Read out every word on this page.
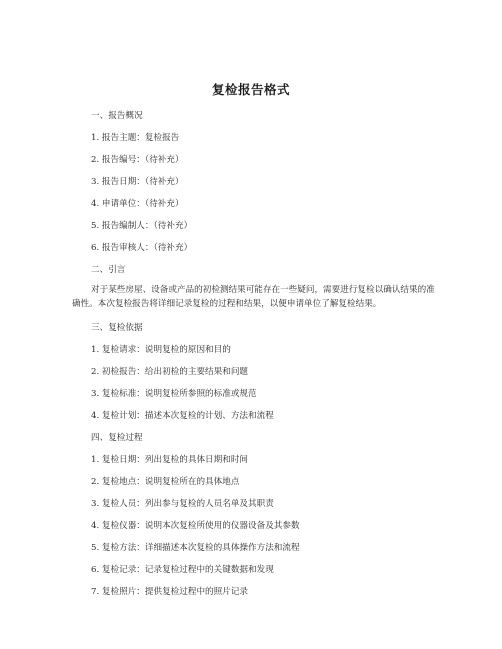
复检报告格式
一、报告概况
1. 报告主题：复检报告
2. 报告编号：（待补充）
3. 报告日期：（待补充）
4. 申请单位：（待补充）
5. 报告编制人：（待补充）
6. 报告审核人：（待补充）
二、引言
对于某些房屋、设备或产品的初检测结果可能存在一些疑问，需要进行复检以确认结果的准确性。本次复检报告将详细记录复检的过程和结果，以便申请单位了解复检结果。
三、复检依据
1. 复检请求：说明复检的原因和目的
2. 初检报告：给出初检的主要结果和问题
3. 复检标准：说明复检所参照的标准或规范
4. 复检计划：描述本次复检的计划、方法和流程
四、复检过程
1. 复检日期：列出复检的具体日期和时间
2. 复检地点：说明复检所在的具体地点
3. 复检人员：列出参与复检的人员名单及其职责
4. 复检仪器：说明本次复检所使用的仪器设备及其参数
5. 复检方法：详细描述本次复检的具体操作方法和流程
6. 复检记录：记录复检过程中的关键数据和发现
7. 复检照片：提供复检过程中的照片记录
